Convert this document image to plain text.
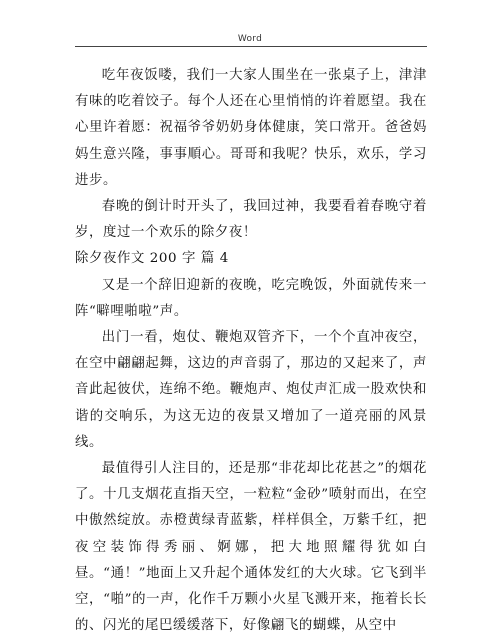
Word

吃年夜饭喽，我们一大家人围坐在一张桌子上，津津有味的吃着饺子。每个人还在心里悄悄的许着愿望。我在心里许着愿：祝福爷爷奶奶身体健康，笑口常开。爸爸妈妈生意兴隆，事事順心。哥哥和我呢？快乐，欢乐，学习进步。

春晚的倒计时开头了，我回过神，我要看着春晚守着岁，度过一个欢乐的除夕夜！

除夕夜作文 200 字 篇 4

又是一个辞旧迎新的夜晚，吃完晚饭，外面就传来一阵“噼哩啪啦”声。

出门一看，炮仗、鞭炮双管齐下，一个个直冲夜空，在空中翩翩起舞，这边的声音弱了，那边的又起来了，声音此起彼伏，连绵不绝。鞭炮声、炮仗声汇成一股欢快和谐的交响乐，为这无边的夜景又增加了一道亮丽的风景线。

最值得引人注目的，还是那“非花却比花甚之”的烟花了。十几支烟花直指天空，一粒粒“金砂”喷射而出，在空中傲然绽放。赤橙黄绿青蓝紫，样样俱全，万紫千红，把夜空装饰得秀丽、婀娜，把大地照耀得犹如白昼。“通！”地面上又升起个通体发红的大火球。它飞到半空，“啪”的一声，化作千万颗小火星飞溅开来，拖着长长的、闪光的尾巴缓缓落下，好像翩飞的蝴蝶，从空中
